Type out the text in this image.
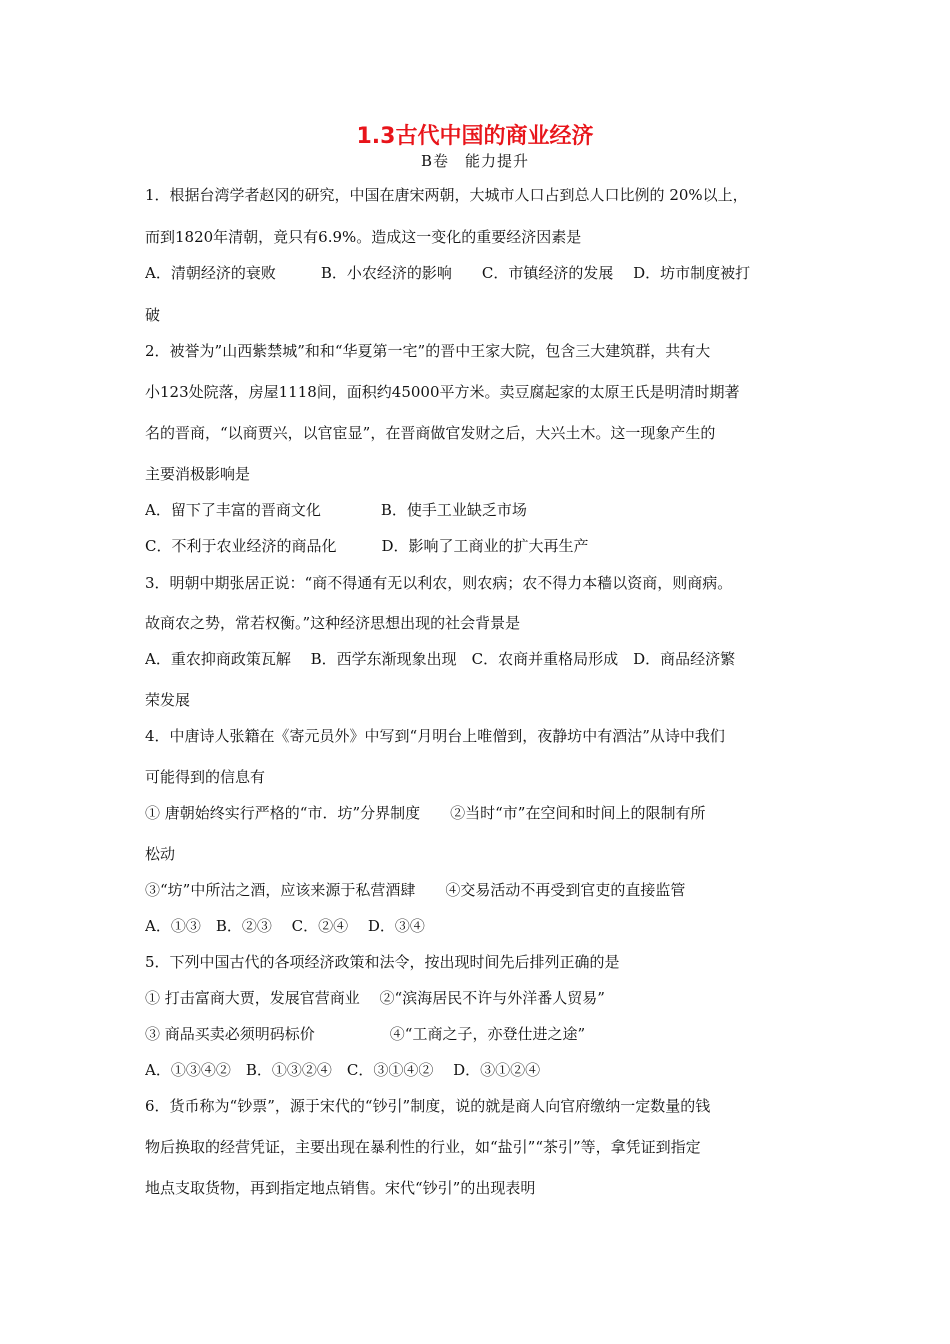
1.3古代中国的商业经济
B卷　能力提升
1．根据台湾学者赵冈的研究，中国在唐宋两朝，大城市人口占到总人口比例的 20%以上，
而到1820年清朝，竟只有6.9%。造成这一变化的重要经济因素是
A．清朝经济的衰败　　　B．小农经济的影响　　C．市镇经济的发展　 D．坊市制度被打
破
2．被誉为”山西紫禁城”和和“华夏第一宅”的晋中王家大院，包含三大建筑群，共有大
小123处院落，房屋1118间，面积约45000平方米。卖豆腐起家的太原王氏是明清时期著
名的晋商，“以商贾兴，以官宦显”，在晋商做官发财之后，大兴土木。这一现象产生的
主要消极影响是
A．留下了丰富的晋商文化　　　　B．使手工业缺乏市场
C．不利于农业经济的商品化　　　D．影响了工商业的扩大再生产
3．明朝中期张居正说：“商不得通有无以利农，则农病；农不得力本穑以资商，则商病。
故商农之势，常若权衡。”这种经济思想出现的社会背景是
A．重农抑商政策瓦解　 B．西学东渐现象出现　C．农商并重格局形成　D．商品经济繁
荣发展
4．中唐诗人张籍在《寄元员外》中写到“月明台上唯僧到，夜静坊中有酒沽”从诗中我们
可能得到的信息有
① 唐朝始终实行严格的“市．坊”分界制度　　②当时“市”在空间和时间上的限制有所
松动
③“坊”中所沽之酒，应该来源于私营酒肆　　④交易活动不再受到官吏的直接监管
A．①③　B．②③　 C．②④　 D．③④
5．下列中国古代的各项经济政策和法令，按出现时间先后排列正确的是
① 打击富商大贾，发展官营商业　 ②“滨海居民不许与外洋番人贸易”
③ 商品买卖必须明码标价　　　　　④“工商之子，亦登仕进之途”
A．①③④②　B．①③②④　C．③①④②　 D．③①②④
6．货币称为“钞票”，源于宋代的“钞引”制度，说的就是商人向官府缴纳一定数量的钱
物后换取的经营凭证，主要出现在暴利性的行业，如“盐引”“茶引”等，拿凭证到指定
地点支取货物，再到指定地点销售。宋代“钞引”的出现表明
